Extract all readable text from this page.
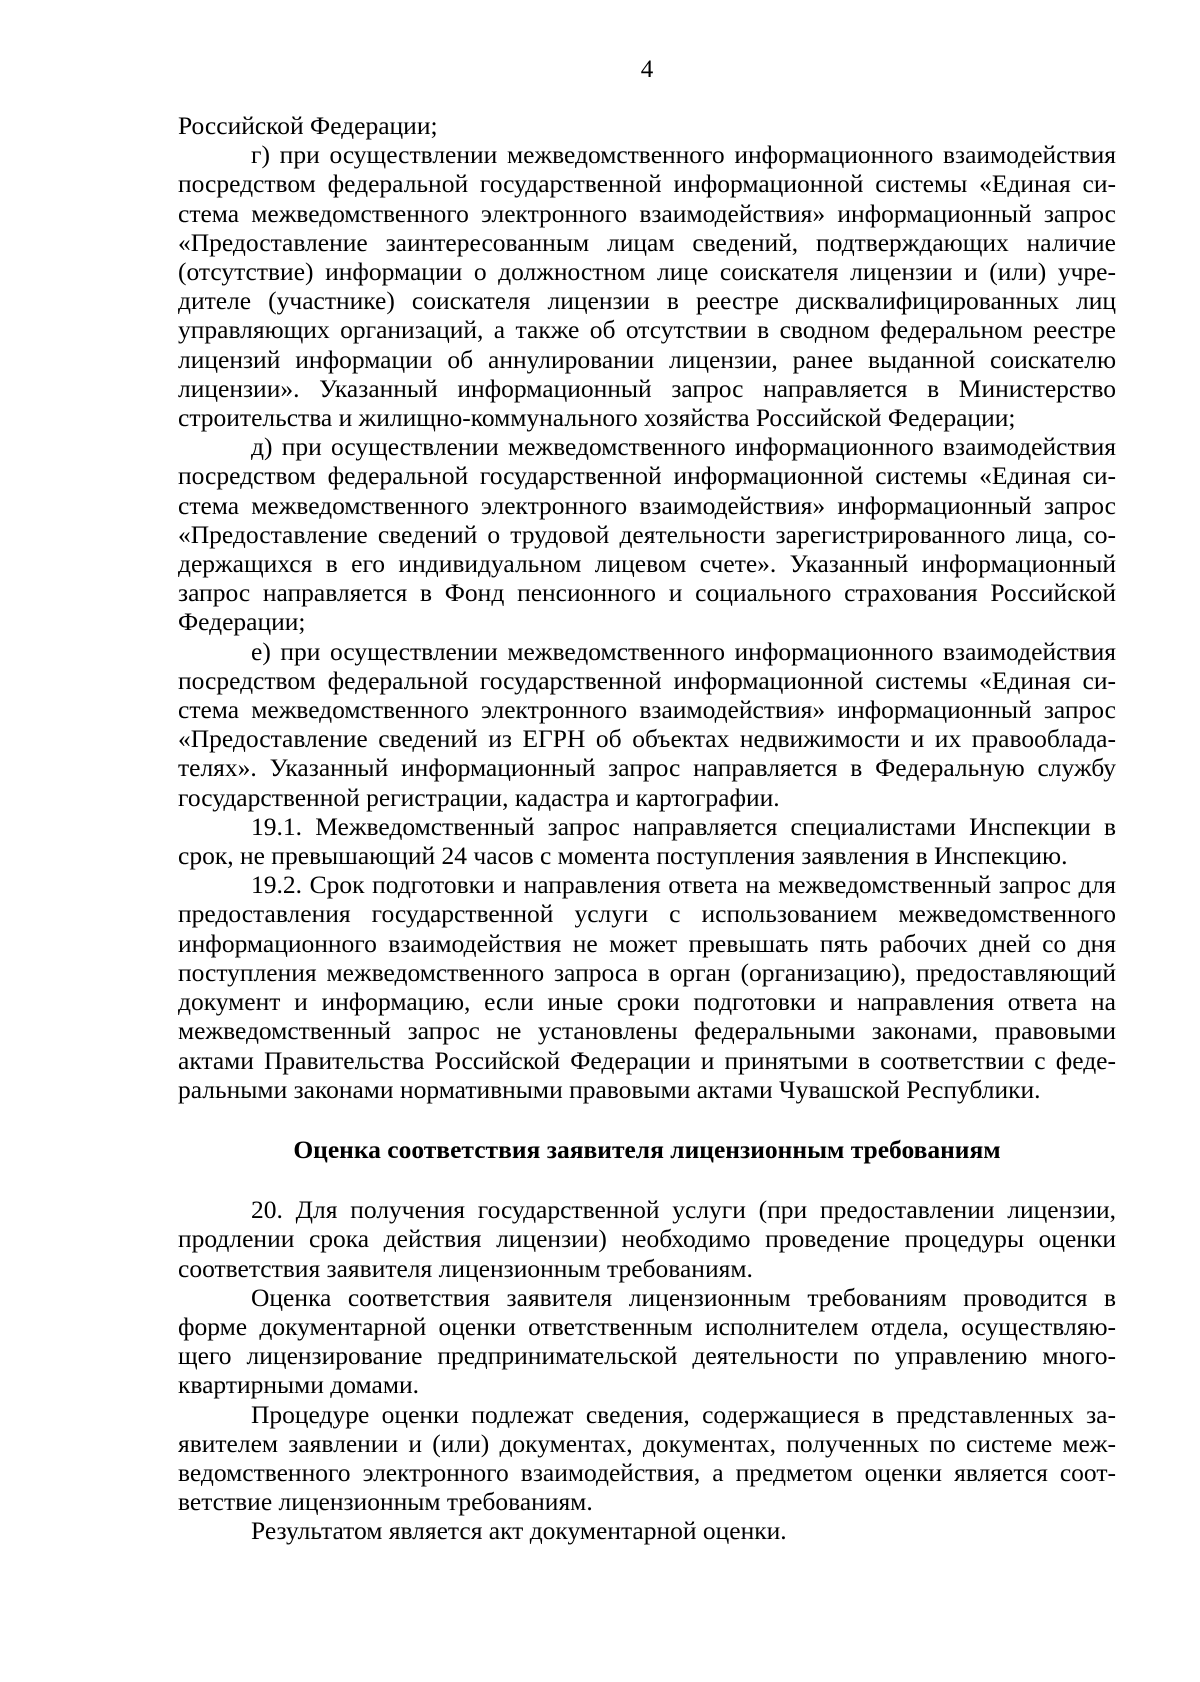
4

Российской Федерации;

г) при осуществлении межведомственного информационного взаимодействия посредством федеральной государственной информационной системы «Единая система межведомственного электронного взаимодействия» информационный запрос «Предоставление заинтересованным лицам сведений, подтверждающих наличие (отсутствие) информации о должностном лице соискателя лицензии и (или) учредителе (участнике) соискателя лицензии в реестре дисквалифицированных лиц управляющих организаций, а также об отсутствии в сводном федеральном реестре лицензий информации об аннулировании лицензии, ранее выданной соискателю лицензии». Указанный информационный запрос направляется в Министерство строительства и жилищно-коммунального хозяйства Российской Федерации;

д) при осуществлении межведомственного информационного взаимодействия посредством федеральной государственной информационной системы «Единая система межведомственного электронного взаимодействия» информационный запрос «Предоставление сведений о трудовой деятельности зарегистрированного лица, содержащихся в его индивидуальном лицевом счете». Указанный информационный запрос направляется в Фонд пенсионного и социального страхования Российской Федерации;

е) при осуществлении межведомственного информационного взаимодействия посредством федеральной государственной информационной системы «Единая система межведомственного электронного взаимодействия» информационный запрос «Предоставление сведений из ЕГРН об объектах недвижимости и их правообладателях». Указанный информационный запрос направляется в Федеральную службу государственной регистрации, кадастра и картографии.

19.1. Межведомственный запрос направляется специалистами Инспекции в срок, не превышающий 24 часов с момента поступления заявления в Инспекцию.

19.2. Срок подготовки и направления ответа на межведомственный запрос для предоставления государственной услуги с использованием межведомственного информационного взаимодействия не может превышать пять рабочих дней со дня поступления межведомственного запроса в орган (организацию), предоставляющий документ и информацию, если иные сроки подготовки и направления ответа на межведомственный запрос не установлены федеральными законами, правовыми актами Правительства Российской Федерации и принятыми в соответствии с федеральными законами нормативными правовыми актами Чувашской Республики.

Оценка соответствия заявителя лицензионным требованиям

20. Для получения государственной услуги (при предоставлении лицензии, продлении срока действия лицензии) необходимо проведение процедуры оценки соответствия заявителя лицензионным требованиям.

Оценка соответствия заявителя лицензионным требованиям проводится в форме документарной оценки ответственным исполнителем отдела, осуществляющего лицензирование предпринимательской деятельности по управлению многоквартирными домами.

Процедуре оценки подлежат сведения, содержащиеся в представленных заявителем заявлении и (или) документах, документах, полученных по системе межведомственного электронного взаимодействия, а предметом оценки является соответствие лицензионным требованиям.

Результатом является акт документарной оценки.
